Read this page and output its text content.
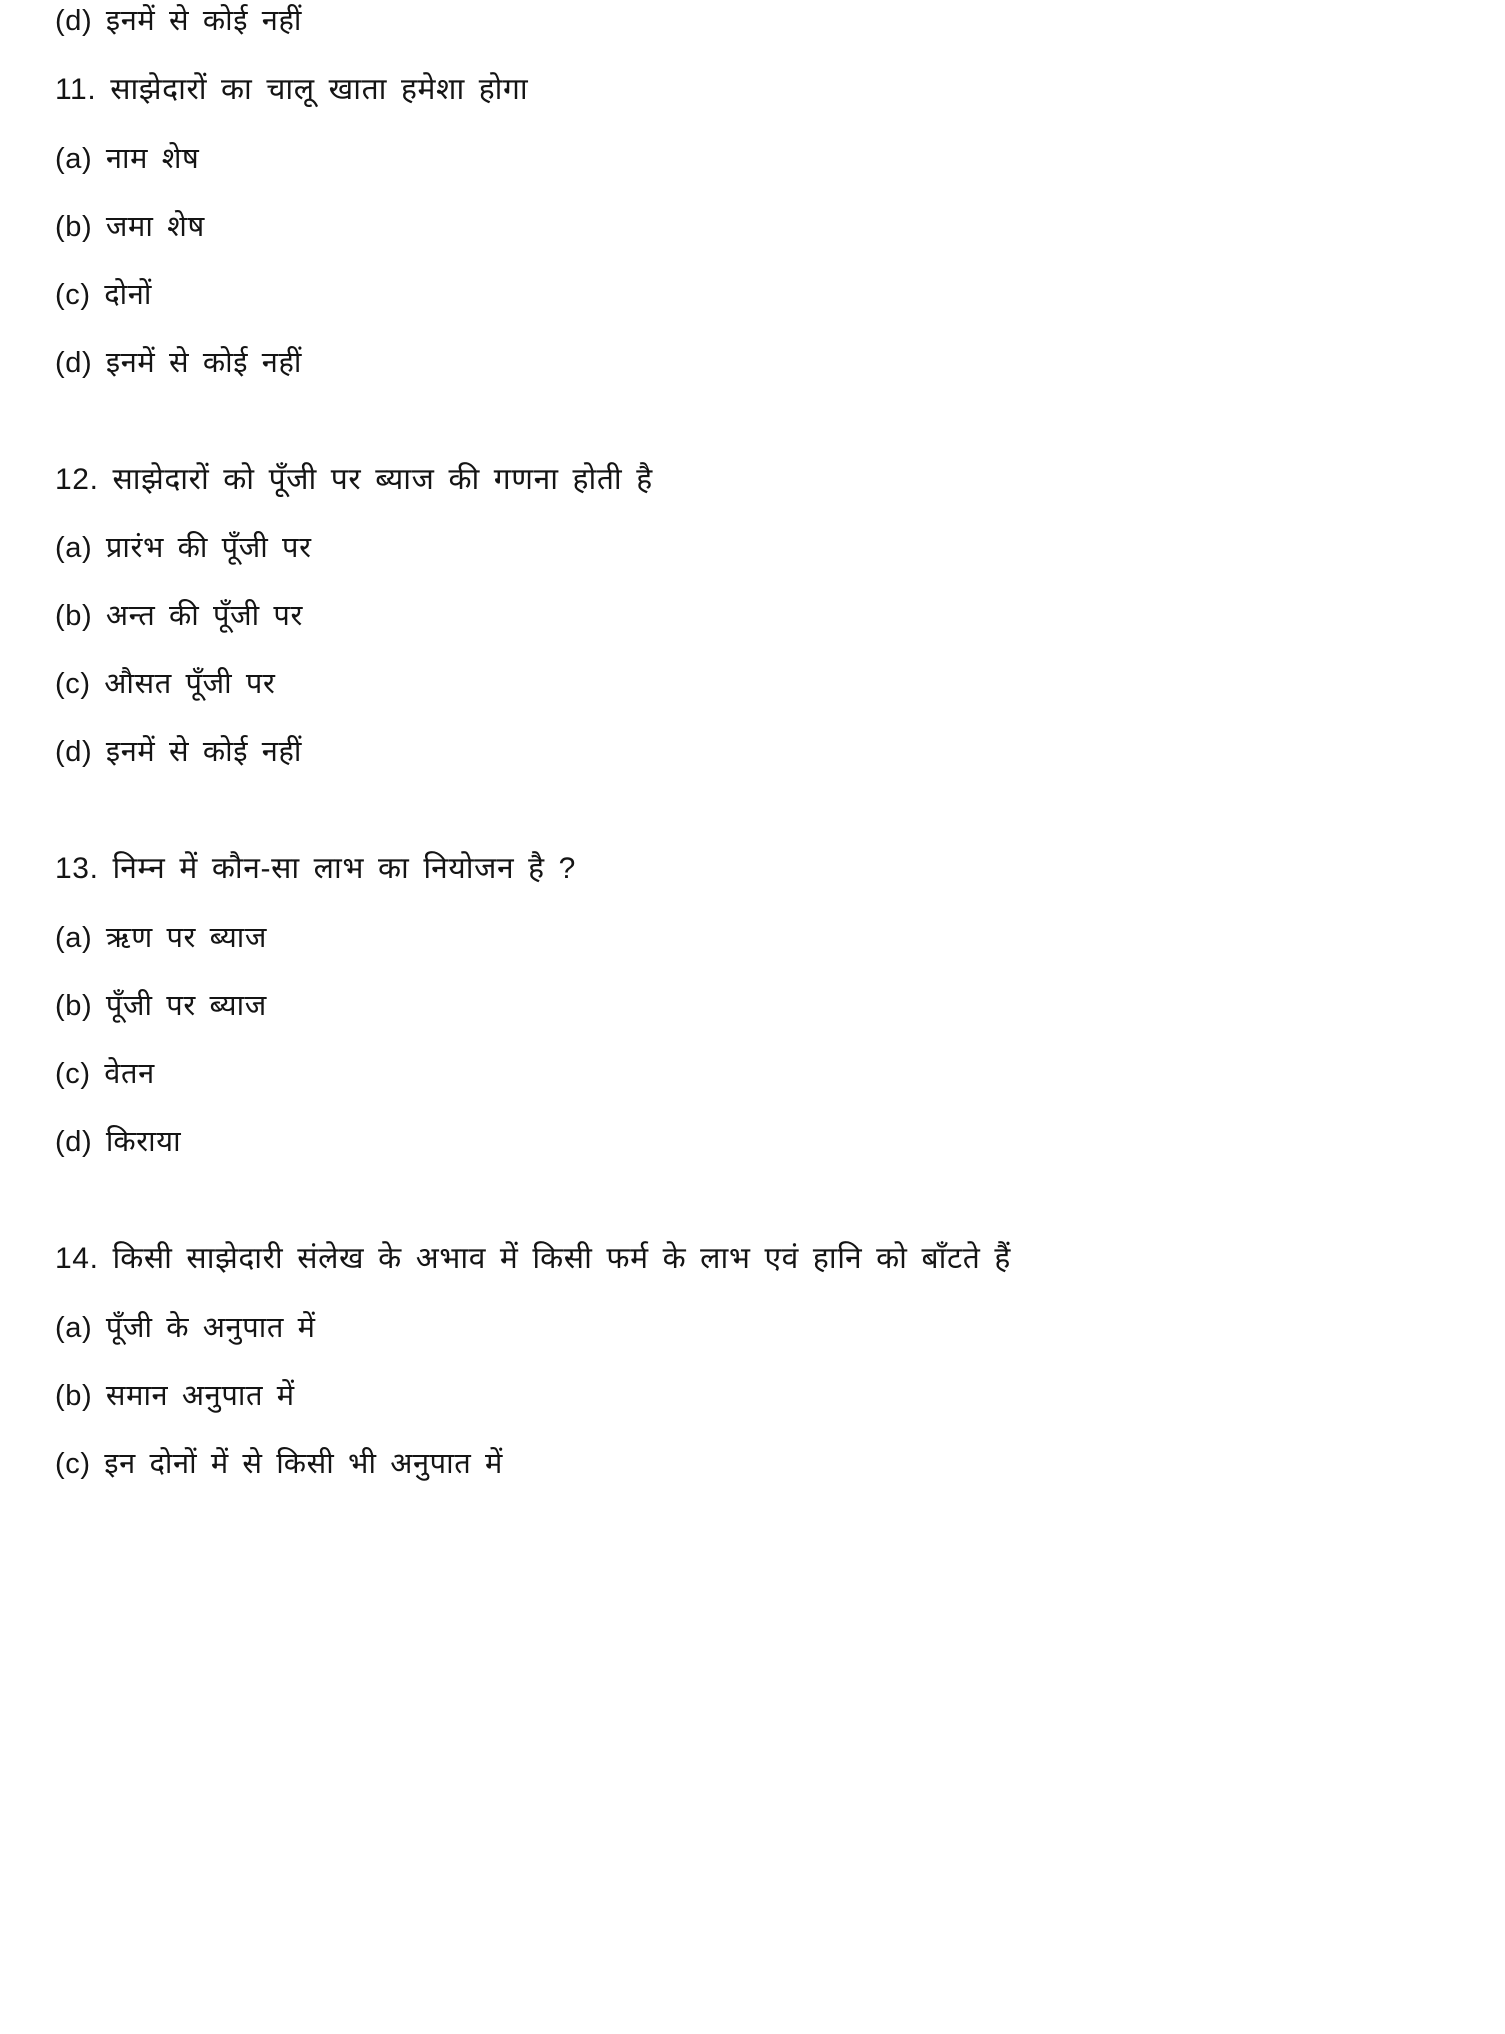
(d) इनमें से कोई नहीं

11. साझेदारों का चालू खाता हमेशा होगा

(a) नाम शेष

(b) जमा शेष

(c) दोनों

(d) इनमें से कोई नहीं

12. साझेदारों को पूँजी पर ब्याज की गणना होती है

(a) प्रारंभ की पूँजी पर

(b) अन्त की पूँजी पर

(c) औसत पूँजी पर

(d) इनमें से कोई नहीं

13. निम्न में कौन-सा लाभ का नियोजन है ?

(a) ऋण पर ब्याज

(b) पूँजी पर ब्याज

(c) वेतन

(d) किराया

14. किसी साझेदारी संलेख के अभाव में किसी फर्म के लाभ एवं हानि को बाँटते हैं

(a) पूँजी के अनुपात में

(b) समान अनुपात में

(c) इन दोनों में से किसी भी अनुपात में
